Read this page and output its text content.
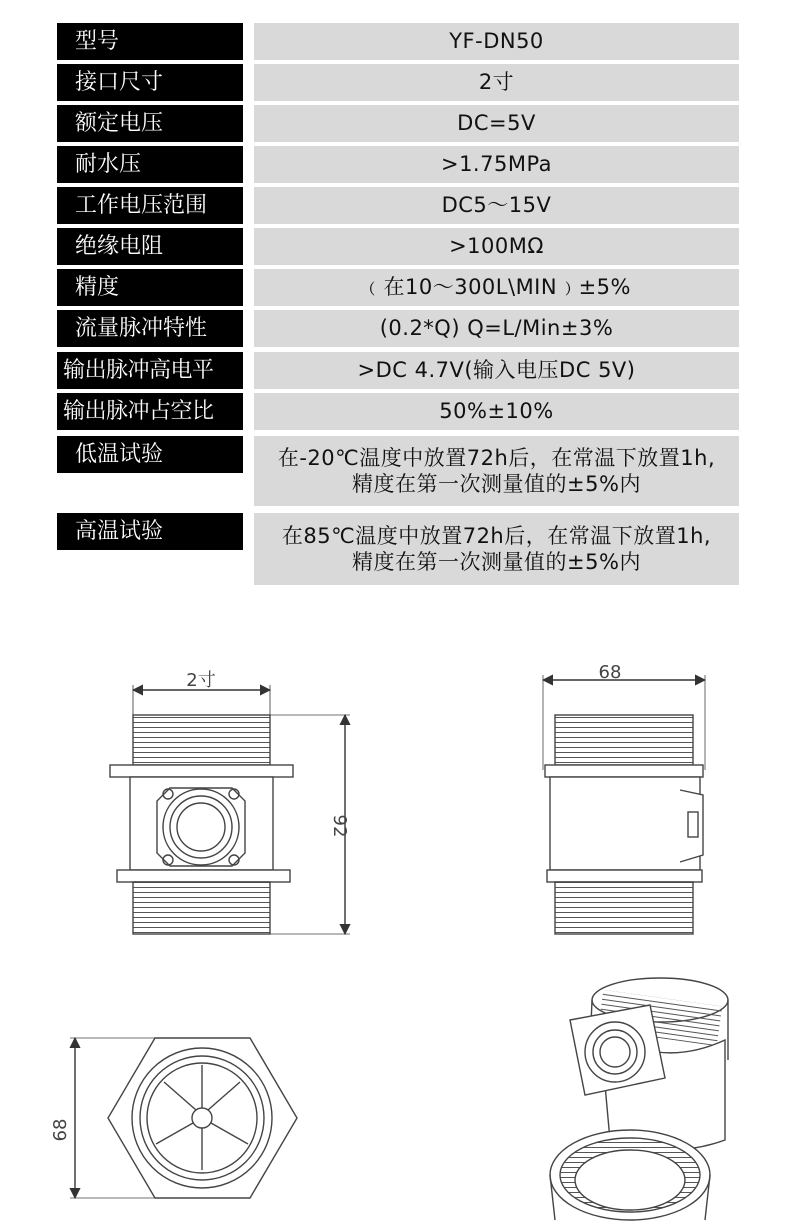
型号	YF-DN50
接口尺寸	2寸
额定电压	DC=5V
耐水压	>1.75MPa
工作电压范围	DC5～15V
绝缘电阻	>100MΩ
精度	﹙在10～300L\MIN﹚±5%
流量脉冲特性	(0.2*Q) Q=L/Min±3%
输出脉冲高电平	>DC 4.7V(输入电压DC 5V)
输出脉冲占空比	50%±10%
低温试验	在-20℃温度中放置72h后，在常温下放置1h,精度在第一次测量值的±5%内
高温试验	在85℃温度中放置72h后，在常温下放置1h,精度在第一次测量值的±5%内
2寸
92
68
68
